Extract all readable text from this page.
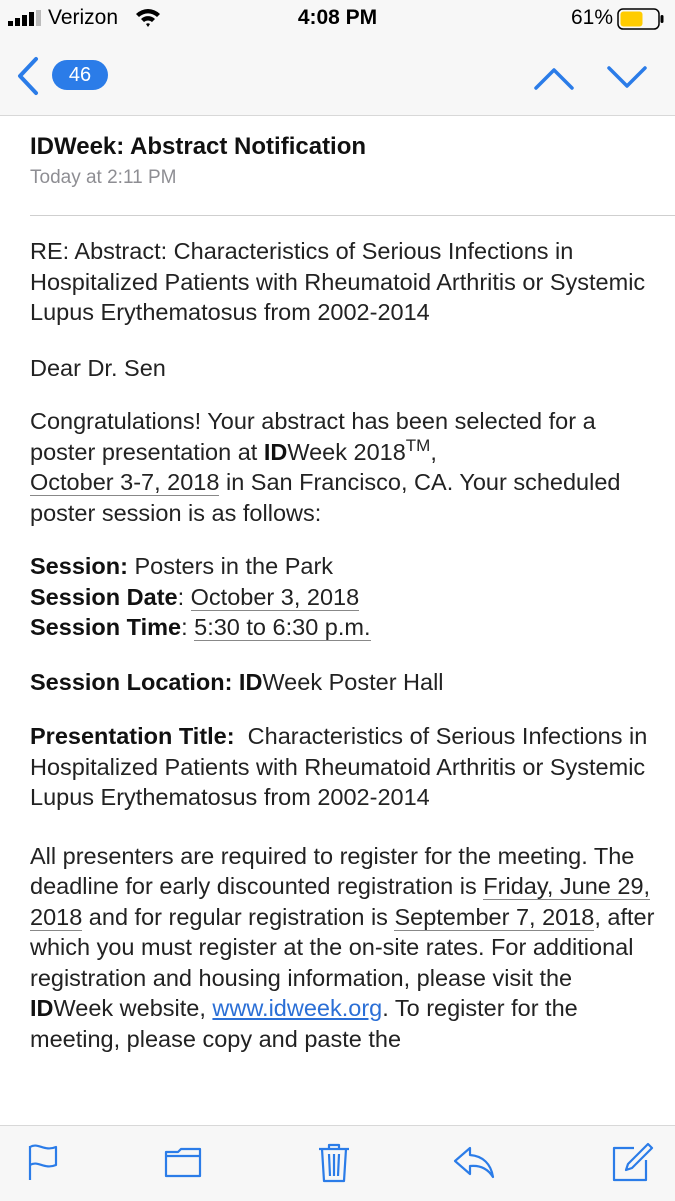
Verizon	4:08 PM	61%
46
IDWeek: Abstract Notification
Today at 2:11 PM

RE: Abstract: Characteristics of Serious Infections in Hospitalized Patients with Rheumatoid Arthritis or Systemic Lupus Erythematosus from 2002-2014

Dear Dr. Sen

Congratulations! Your abstract has been selected for a poster presentation at IDWeek 2018™,
October 3-7, 2018 in San Francisco, CA. Your scheduled poster session is as follows:

Session: Posters in the Park
Session Date: October 3, 2018
Session Time: 5:30 to 6:30 p.m.

Session Location: IDWeek Poster Hall

Presentation Title:  Characteristics of Serious Infections in Hospitalized Patients with Rheumatoid Arthritis or Systemic Lupus Erythematosus from 2002-2014

All presenters are required to register for the meeting. The deadline for early discounted registration is Friday, June 29, 2018 and for regular registration is September 7, 2018, after which you must register at the on-site rates. For additional registration and housing information, please visit the IDWeek website, www.idweek.org. To register for the meeting, please copy and paste the
